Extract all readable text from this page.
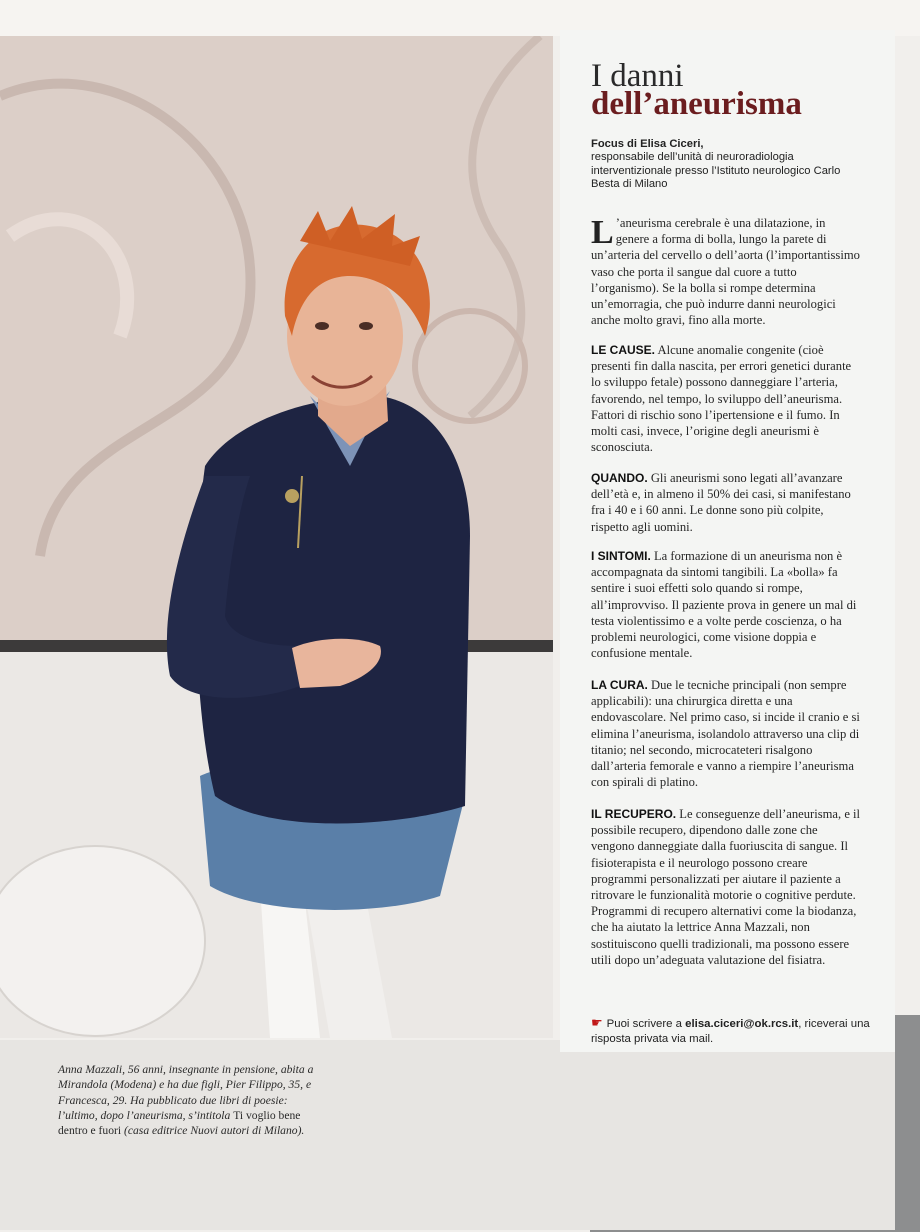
I danni
dell’aneurisma
Focus di Elisa Ciceri,
responsabile dell’unità di neuroradiologia interventizionale presso l’Istituto neurologico Carlo Besta di Milano

L ’aneurisma cerebrale è una dilatazione, in genere a forma di bolla, lungo la parete di un’arteria del cervello o dell’aorta (l’importantissimo vaso che porta il sangue dal cuore a tutto l’organismo). Se la bolla si rompe determina un’emorragia, che può indurre danni neurologici anche molto gravi, fino alla morte.

LE CAUSE. Alcune anomalie congenite (cioè presenti fin dalla nascita, per errori genetici durante lo sviluppo fetale) possono danneggiare l’arteria, favorendo, nel tempo, lo sviluppo dell’aneurisma. Fattori di rischio sono l’ipertensione e il fumo. In molti casi, invece, l’origine degli aneurismi è sconosciuta.

QUANDO. Gli aneurismi sono legati all’avanzare dell’età e, in almeno il 50% dei casi, si manifestano fra i 40 e i 60 anni. Le donne sono più colpite, rispetto agli uomini.

I SINTOMI. La formazione di un aneurisma non è accompagnata da sintomi tangibili. La «bolla» fa sentire i suoi effetti solo quando si rompe, all’improvviso. Il paziente prova in genere un mal di testa violentissimo e a volte perde coscienza, o ha problemi neurologici, come visione doppia e confusione mentale.

LA CURA. Due le tecniche principali (non sempre applicabili): una chirurgica diretta e una endovascolare. Nel primo caso, si incide il cranio e si elimina l’aneurisma, isolandolo attraverso una clip di titanio; nel secondo, microcateteri risalgono dall’arteria femorale e vanno a riempire l’aneurisma con spirali di platino.

IL RECUPERO. Le conseguenze dell’aneurisma, e il possibile recupero, dipendono dalle zone che vengono danneggiate dalla fuoriuscita di sangue. Il fisioterapista e il neurologo possono creare programmi personalizzati per aiutare il paziente a ritrovare le funzionalità motorie o cognitive perdute. Programmi di recupero alternativi come la biodanza, che ha aiutato la lettrice Anna Mazzali, non sostituiscono quelli tradizionali, ma possono essere utili dopo un’adeguata valutazione del fisiatra.

☛ Puoi scrivere a elisa.ciceri@ok.rcs.it, riceverai una risposta privata via mail.
Anna Mazzali, 56 anni, insegnante in pensione, abita a Mirandola (Modena) e ha due figli, Pier Filippo, 35, e Francesca, 29. Ha pubblicato due libri di poesie: l’ultimo, dopo l’aneurisma, s’intitola Ti voglio bene dentro e fuori (casa editrice Nuovi autori di Milano).
